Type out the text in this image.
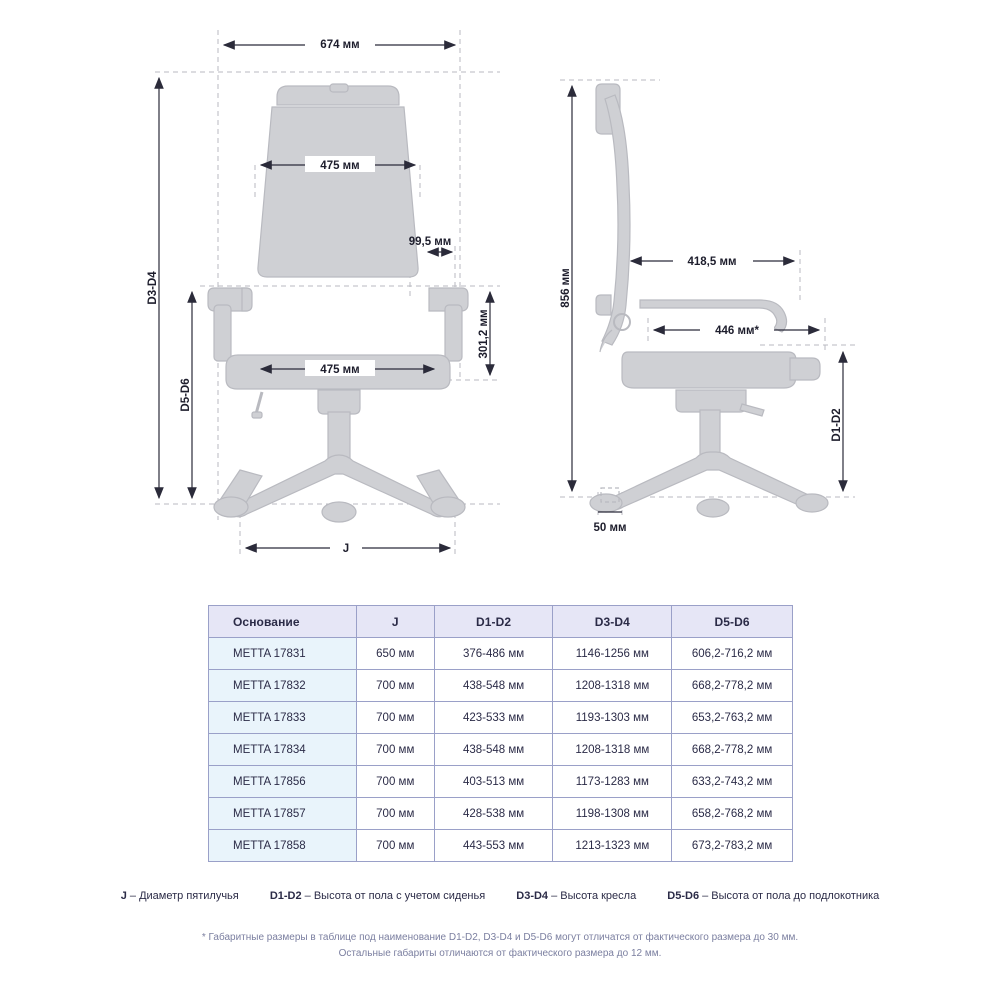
674 мм
475 мм
99,5 мм
475 мм
301,2 мм
D3-D4
D5-D6
J
856 мм
418,5 мм
446 мм*
D1-D2
50 мм
Основание	J	D1-D2	D3-D4	D5-D6
METTA 17831	650 мм	376-486 мм	1146-1256 мм	606,2-716,2 мм
METTA 17832	700 мм	438-548 мм	1208-1318 мм	668,2-778,2 мм
METTA 17833	700 мм	423-533 мм	1193-1303 мм	653,2-763,2 мм
METTA 17834	700 мм	438-548 мм	1208-1318 мм	668,2-778,2 мм
METTA 17856	700 мм	403-513 мм	1173-1283 мм	633,2-743,2 мм
METTA 17857	700 мм	428-538 мм	1198-1308 мм	658,2-768,2 мм
METTA 17858	700 мм	443-553 мм	1213-1323 мм	673,2-783,2 мм
J – Диаметр пятилучья	D1-D2 – Высота от пола с учетом сиденья	D3-D4 – Высота кресла	D5-D6 – Высота от пола до подлокотника
* Габаритные размеры в таблице под наименование D1-D2, D3-D4 и D5-D6 могут отличатся от фактического размера до 30 мм.
Остальные габариты отличаются от фактического размера до 12 мм.
